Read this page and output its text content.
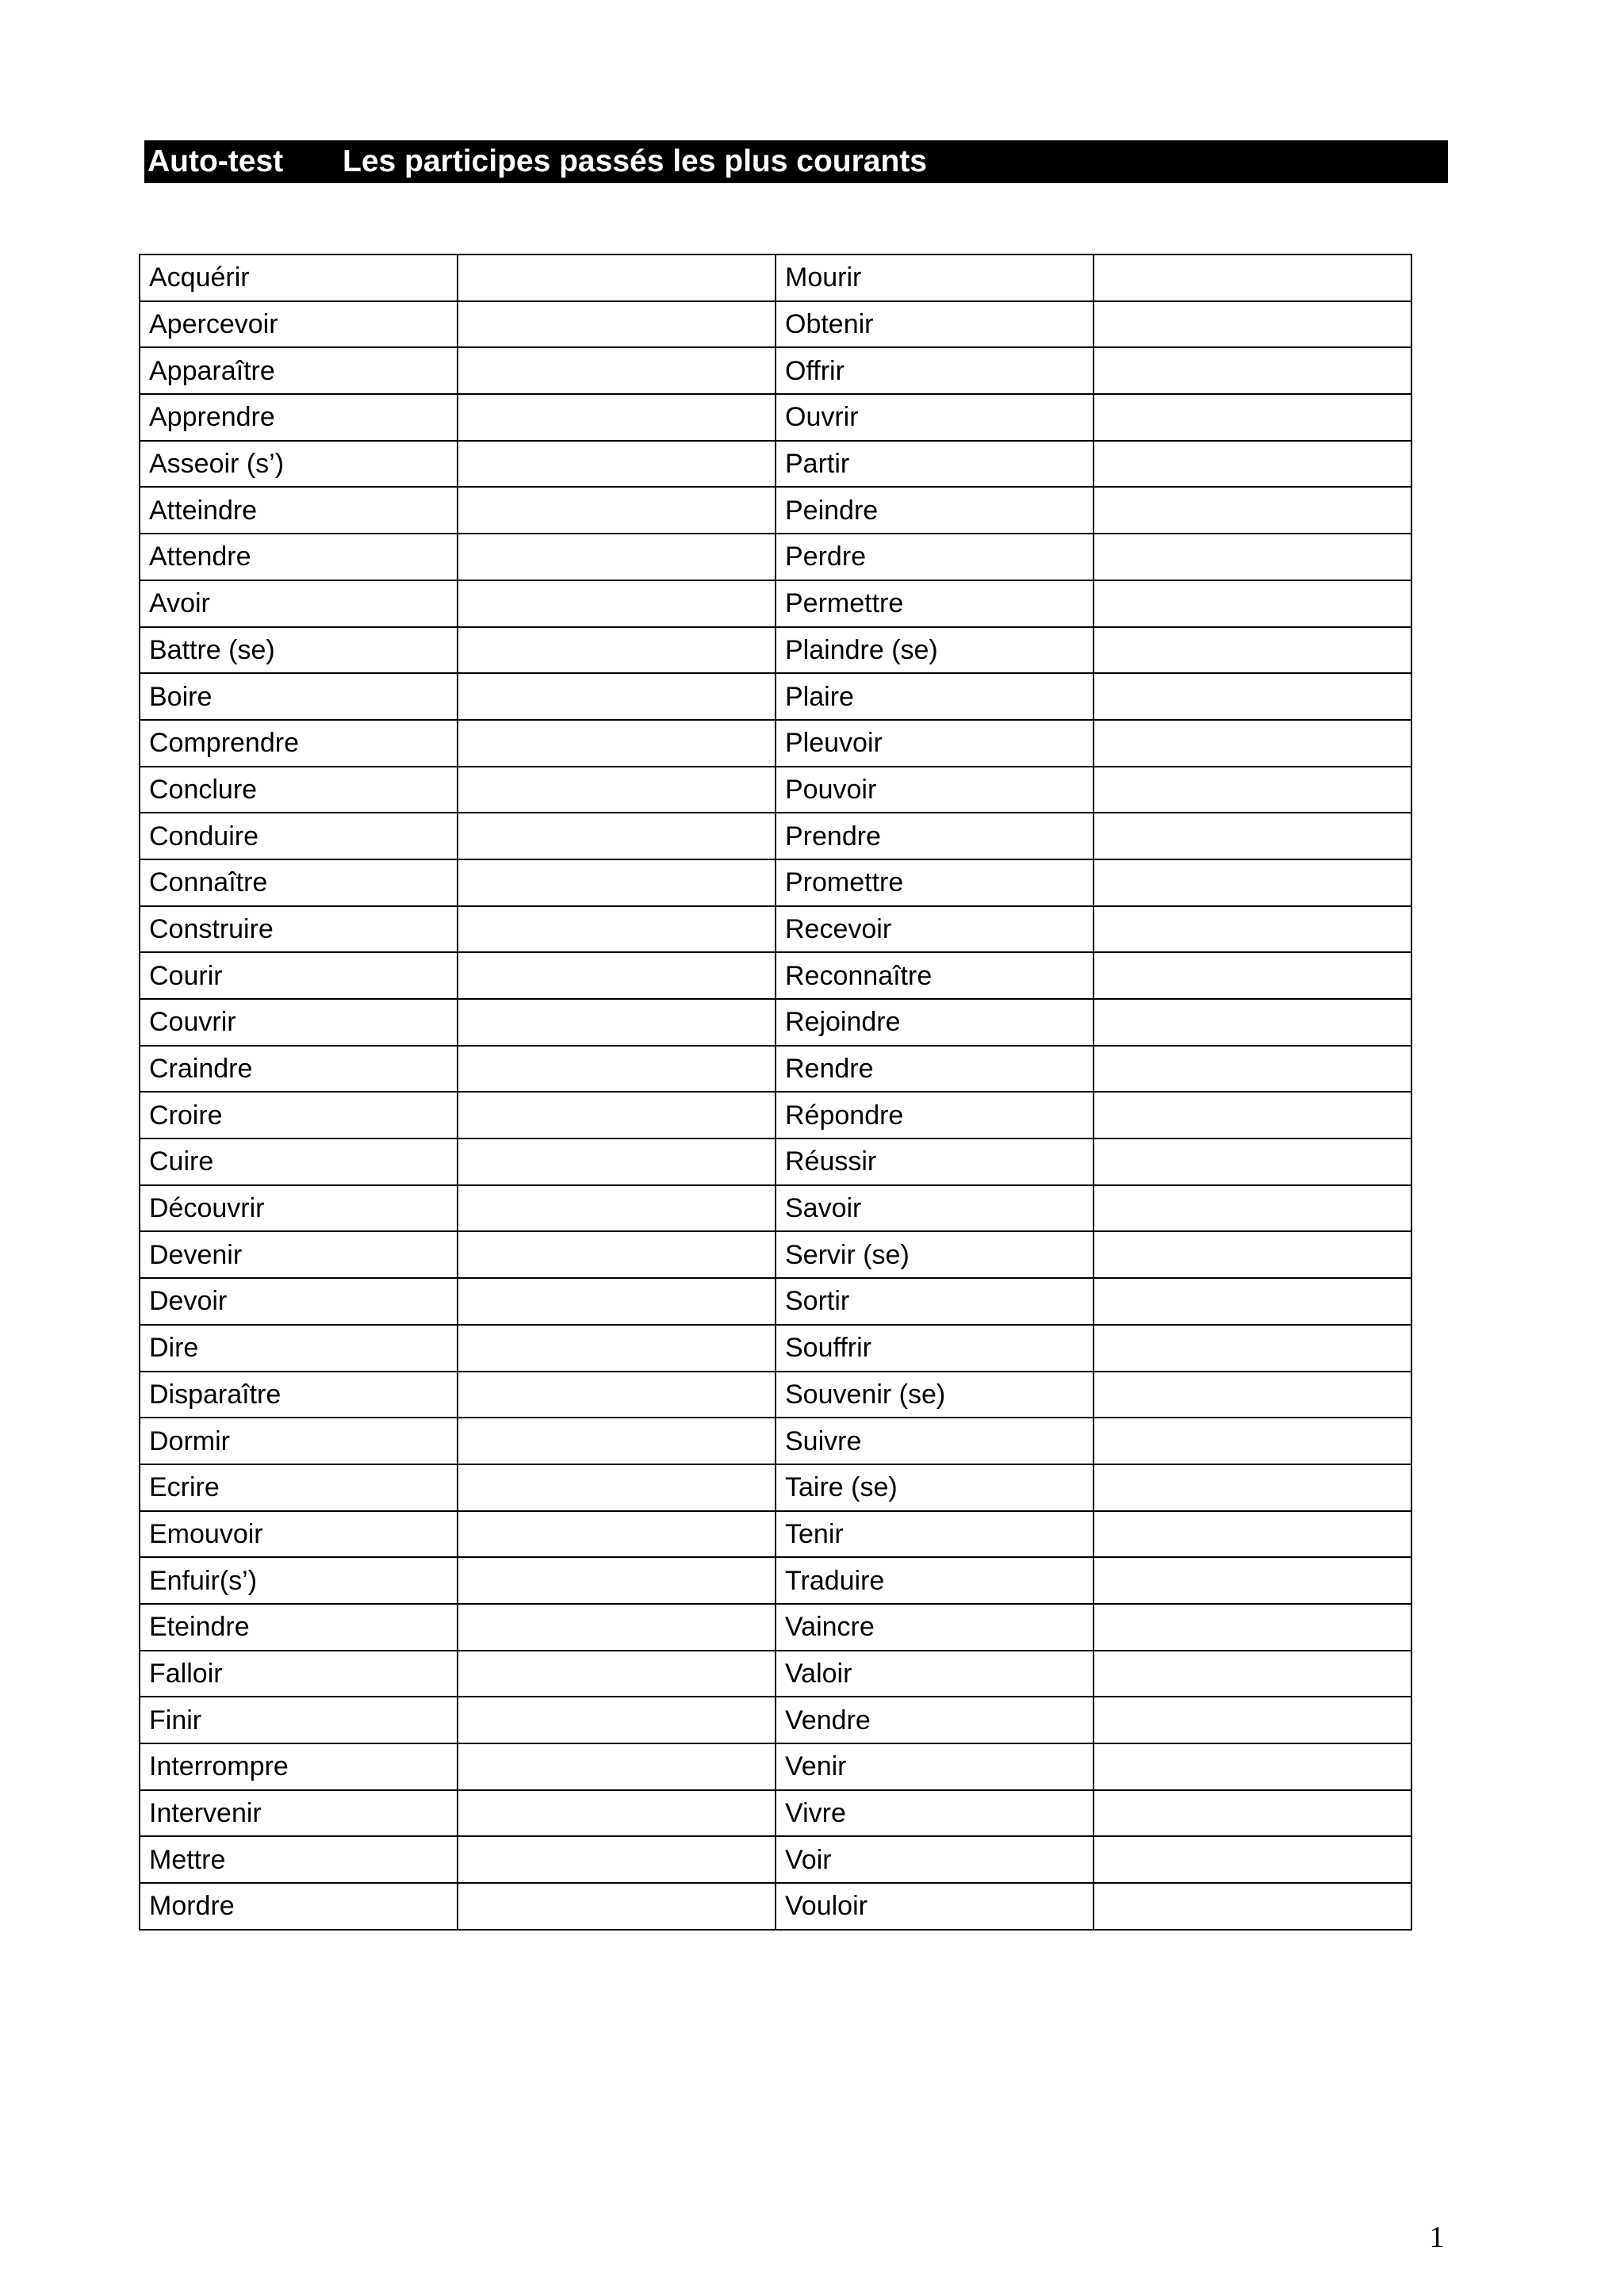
Auto-test Les participes passés les plus courants
Acquérir		Mourir	
Apercevoir		Obtenir	
Apparaître		Offrir	
Apprendre		Ouvrir	
Asseoir (s’)		Partir	
Atteindre		Peindre	
Attendre		Perdre	
Avoir		Permettre	
Battre (se)		Plaindre (se)	
Boire		Plaire	
Comprendre		Pleuvoir	
Conclure		Pouvoir	
Conduire		Prendre	
Connaître		Promettre	
Construire		Recevoir	
Courir		Reconnaître	
Couvrir		Rejoindre	
Craindre		Rendre	
Croire		Répondre	
Cuire		Réussir	
Découvrir		Savoir	
Devenir		Servir (se)	
Devoir		Sortir	
Dire		Souffrir	
Disparaître		Souvenir (se)	
Dormir		Suivre	
Ecrire		Taire (se)	
Emouvoir		Tenir	
Enfuir(s’)		Traduire	
Eteindre		Vaincre	
Falloir		Valoir	
Finir		Vendre	
Interrompre		Venir	
Intervenir		Vivre	
Mettre		Voir	
Mordre		Vouloir	
1
